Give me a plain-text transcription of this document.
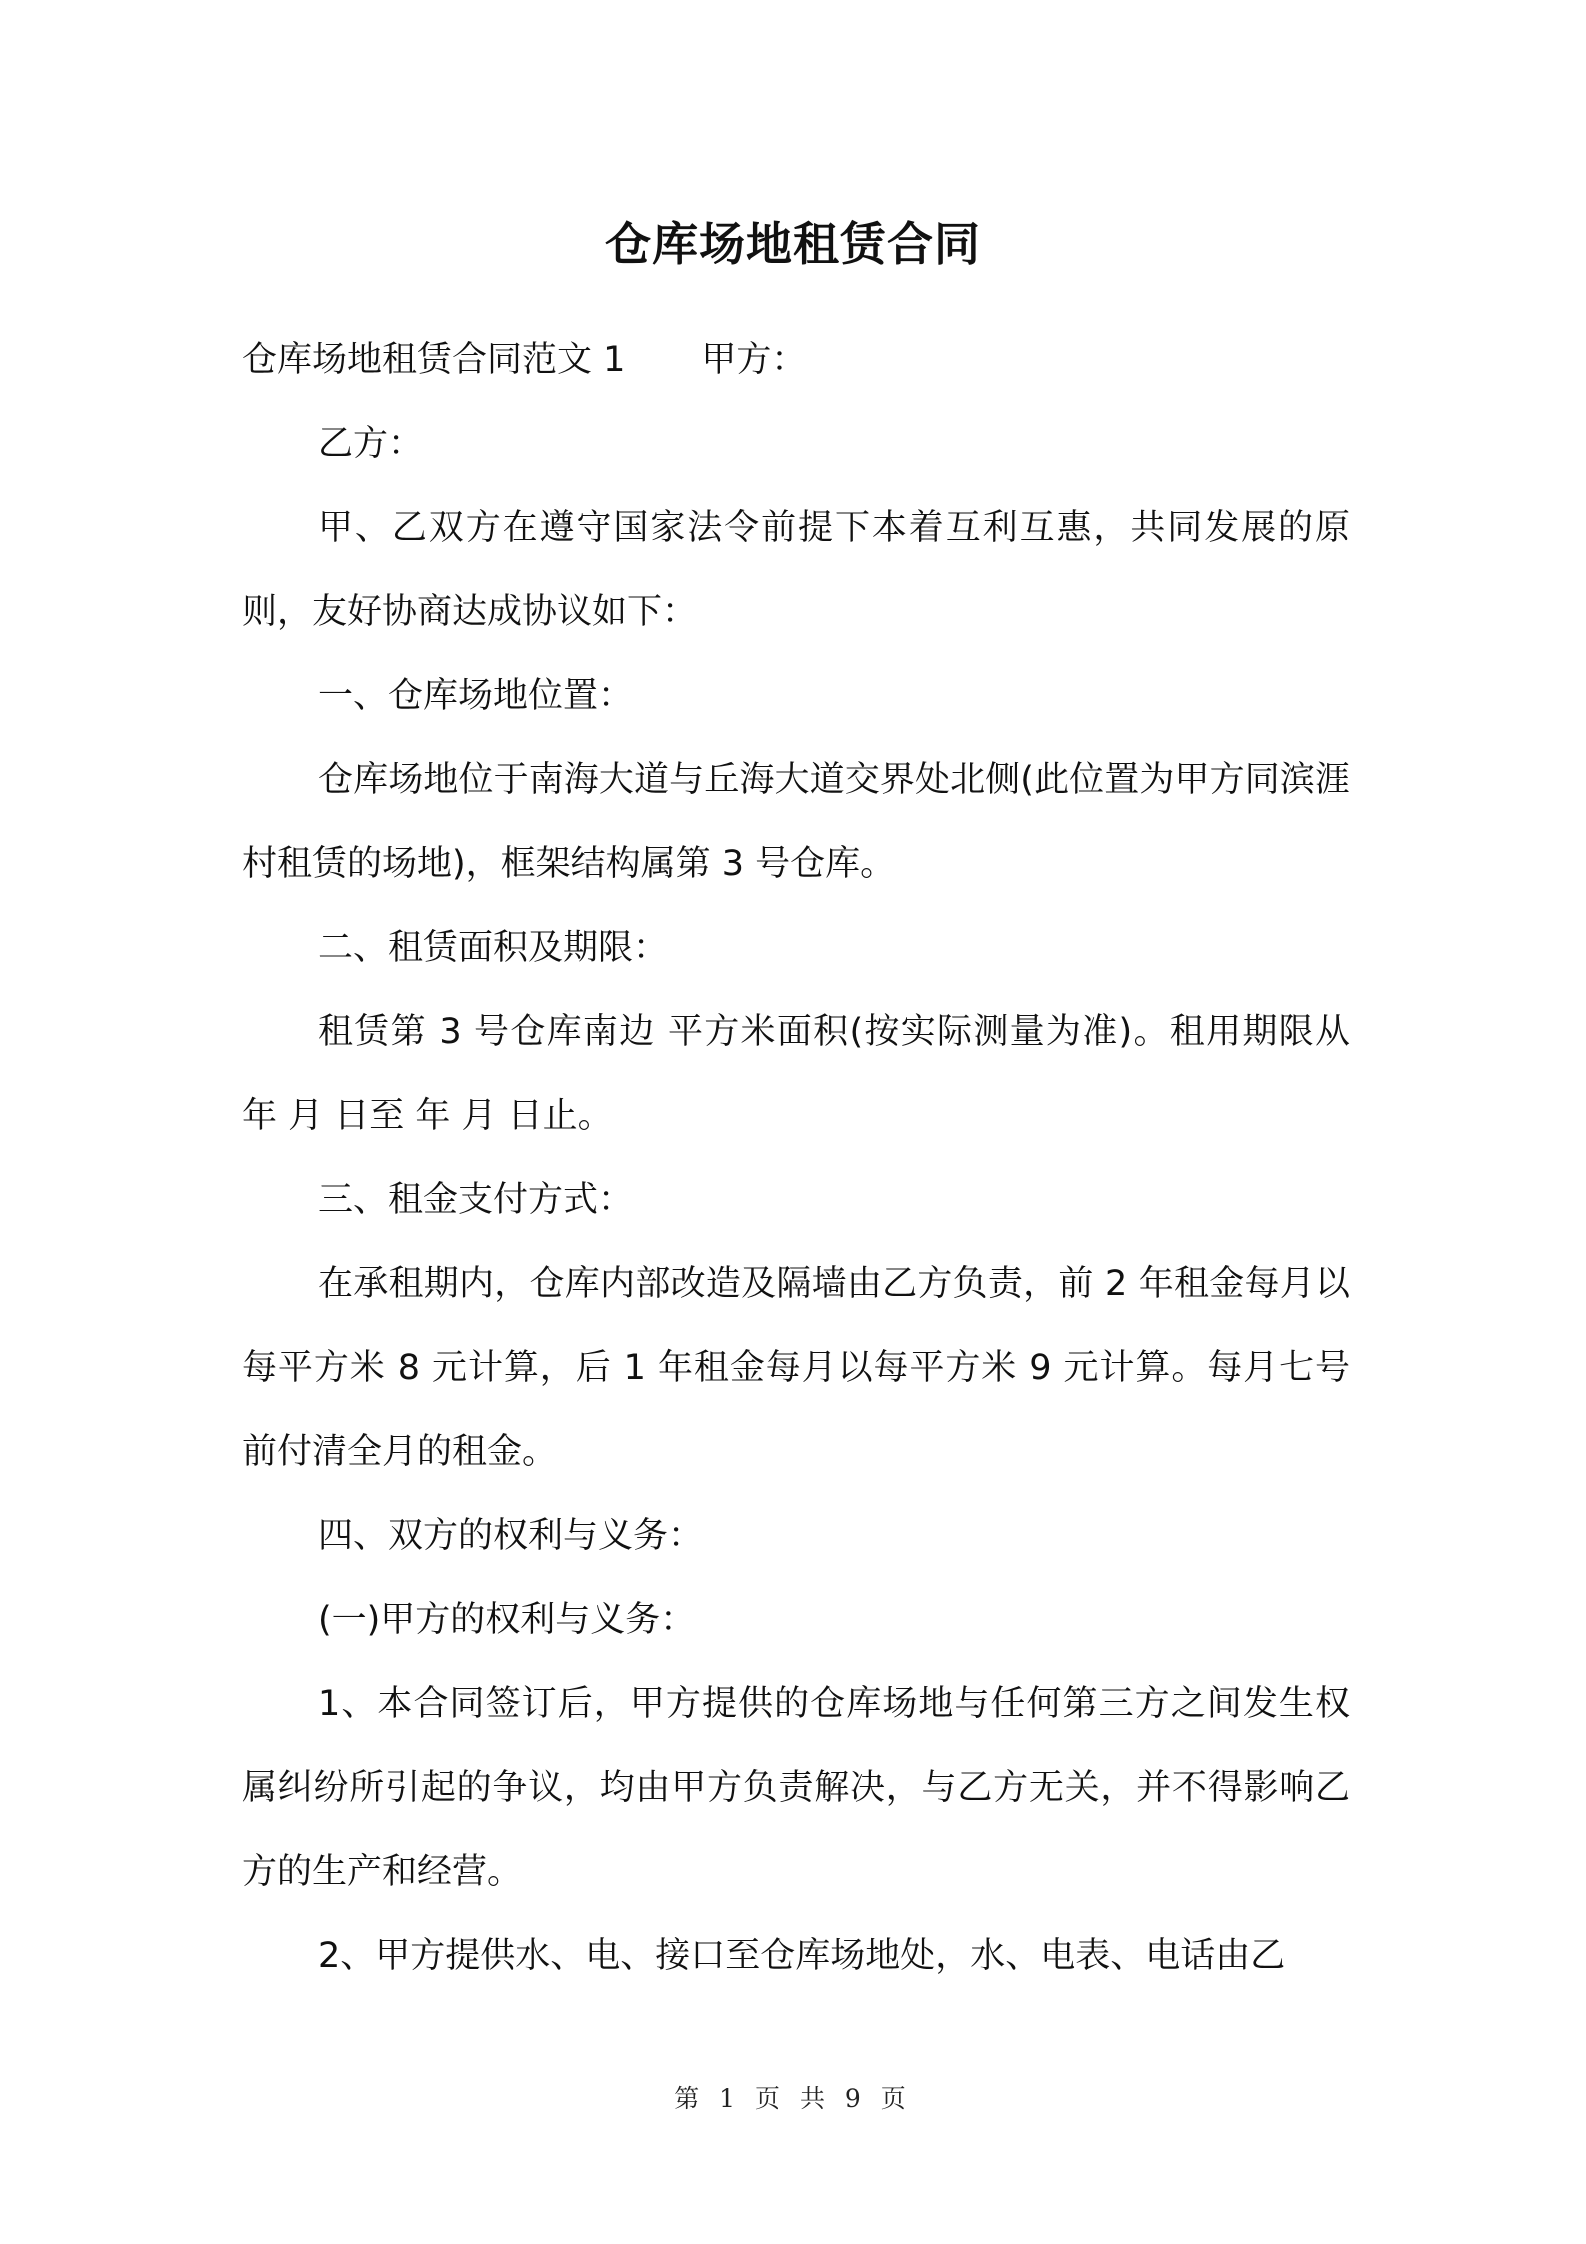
仓库场地租赁合同

仓库场地租赁合同范文 1 甲方：

乙方：

甲、乙双方在遵守国家法令前提下本着互利互惠，共同发展的原则，友好协商达成协议如下：

一、仓库场地位置：

仓库场地位于南海大道与丘海大道交界处北侧(此位置为甲方同滨涯村租赁的场地)，框架结构属第 3 号仓库。

二、租赁面积及期限：

租赁第 3 号仓库南边 平方米面积(按实际测量为准)。租用期限从 年 月 日至 年 月 日止。

三、租金支付方式：

在承租期内，仓库内部改造及隔墙由乙方负责，前 2 年租金每月以每平方米 8 元计算，后 1 年租金每月以每平方米 9 元计算。每月七号前付清全月的租金。

四、双方的权利与义务：

(一)甲方的权利与义务：

1、本合同签订后，甲方提供的仓库场地与任何第三方之间发生权属纠纷所引起的争议，均由甲方负责解决，与乙方无关，并不得影响乙方的生产和经营。

2、甲方提供水、电、接口至仓库场地处，水、电表、电话由乙

第 1 页 共 9 页
